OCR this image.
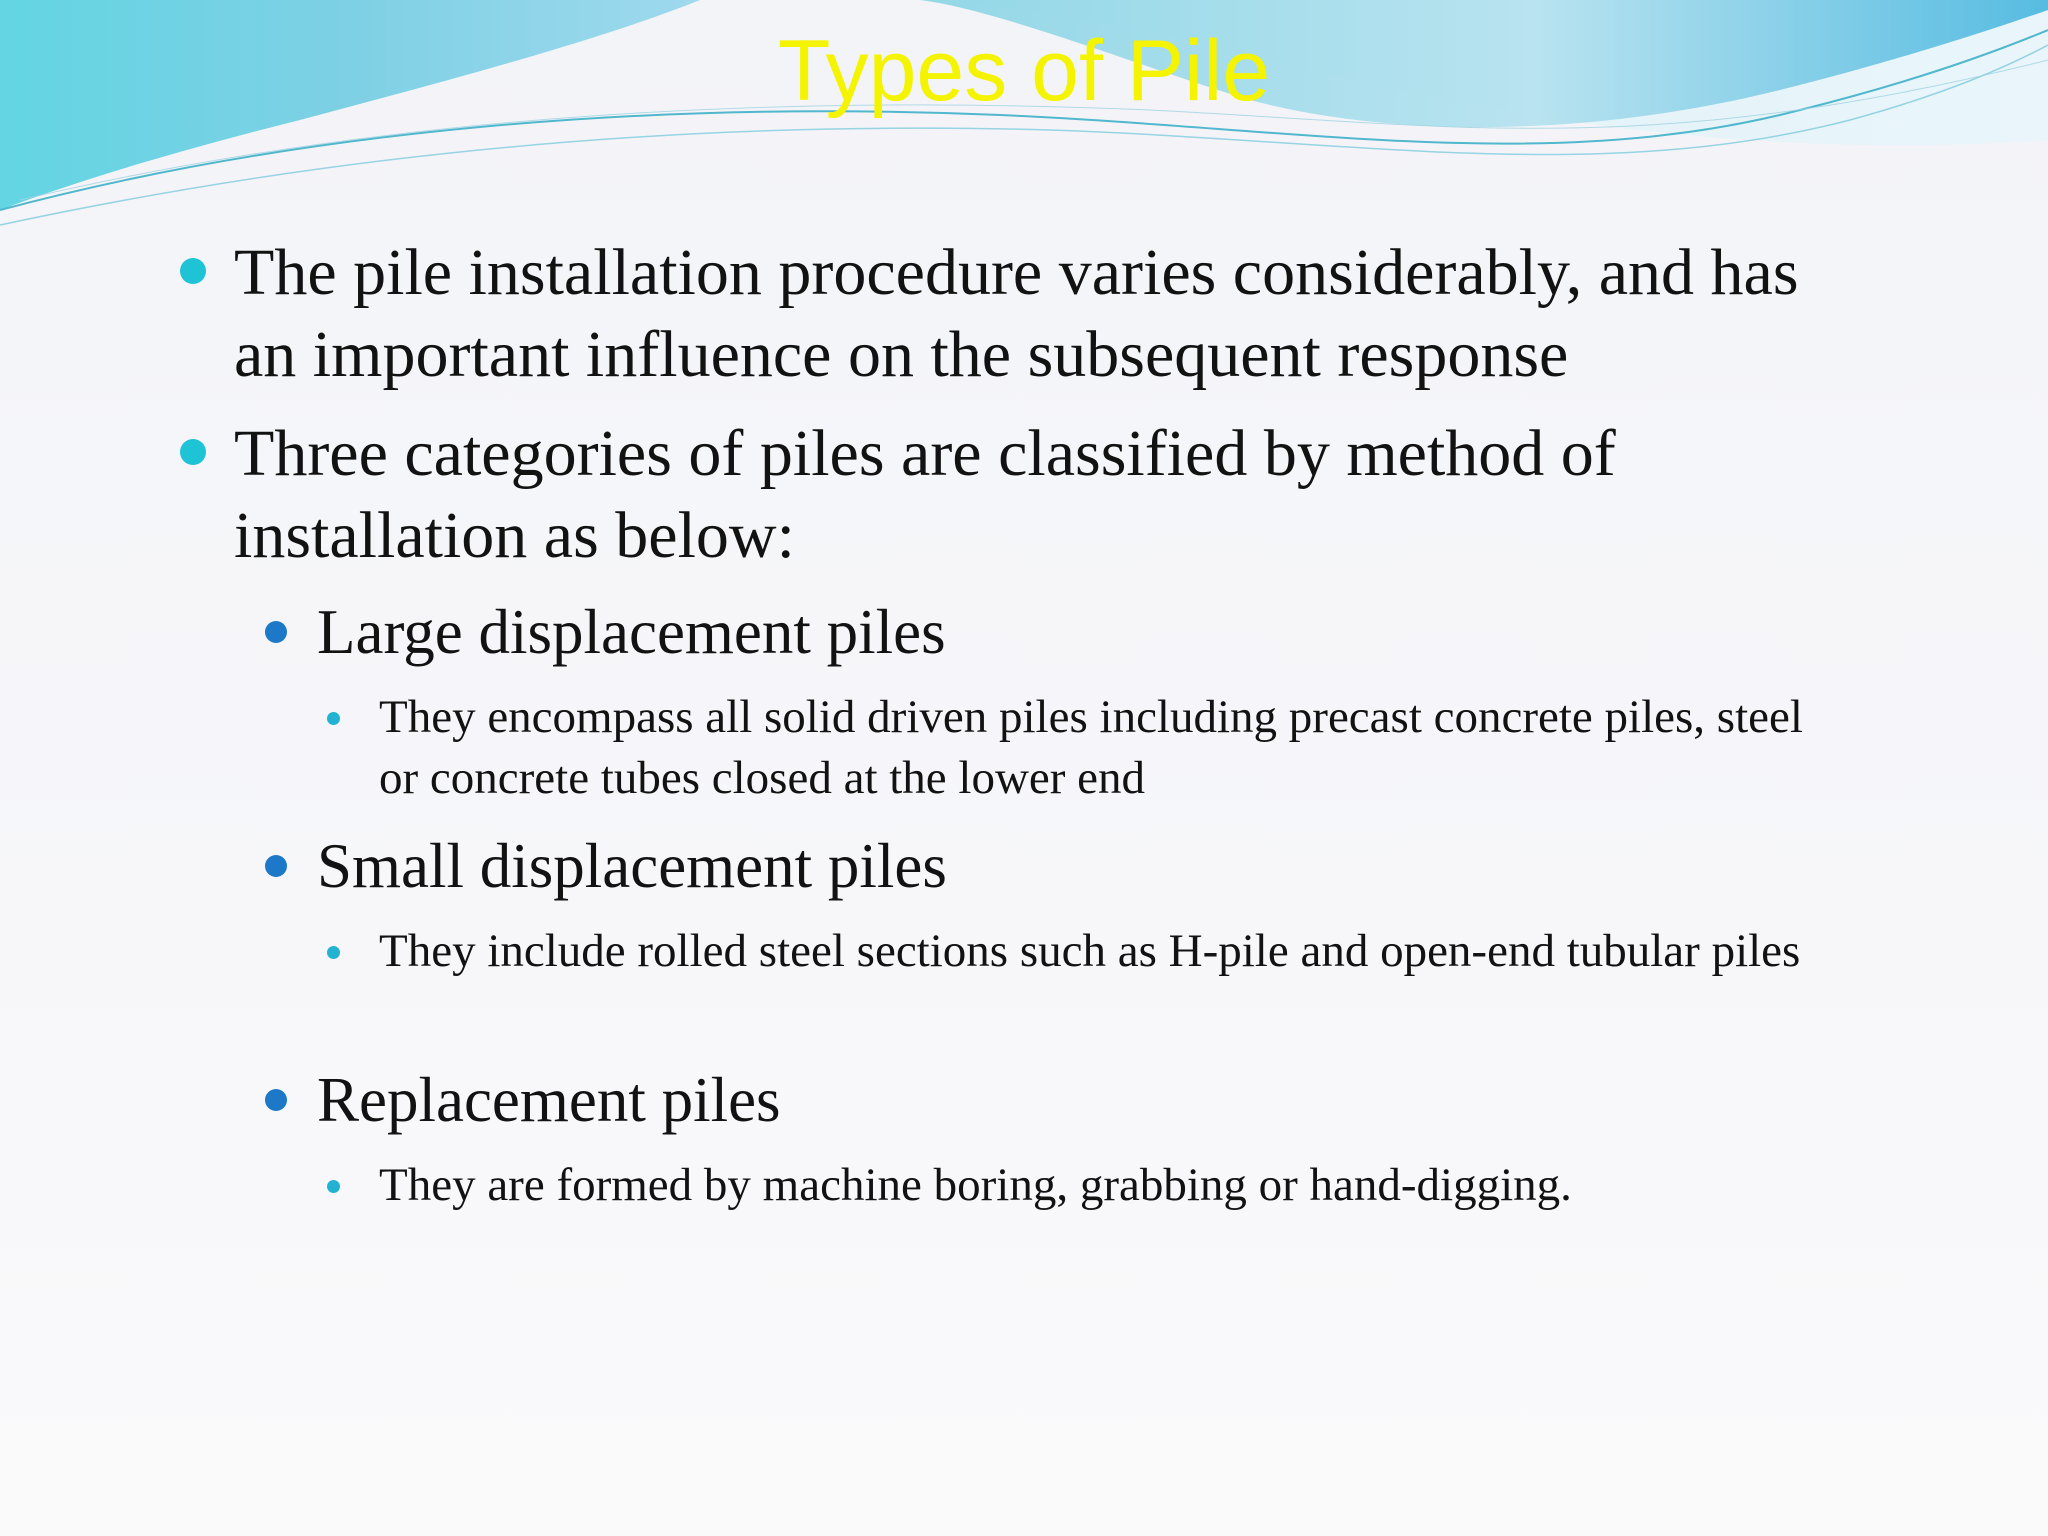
Types of Pile
The pile installation procedure varies considerably, and has an important influence on the subsequent response
Three categories of piles are classified by method of installation as below:
Large displacement piles
They encompass all solid driven piles including precast concrete piles, steel or concrete tubes closed at the lower end
Small displacement piles
They include rolled steel sections such as H-pile and open-end tubular piles
Replacement piles
They are formed by machine boring, grabbing or hand-digging.
